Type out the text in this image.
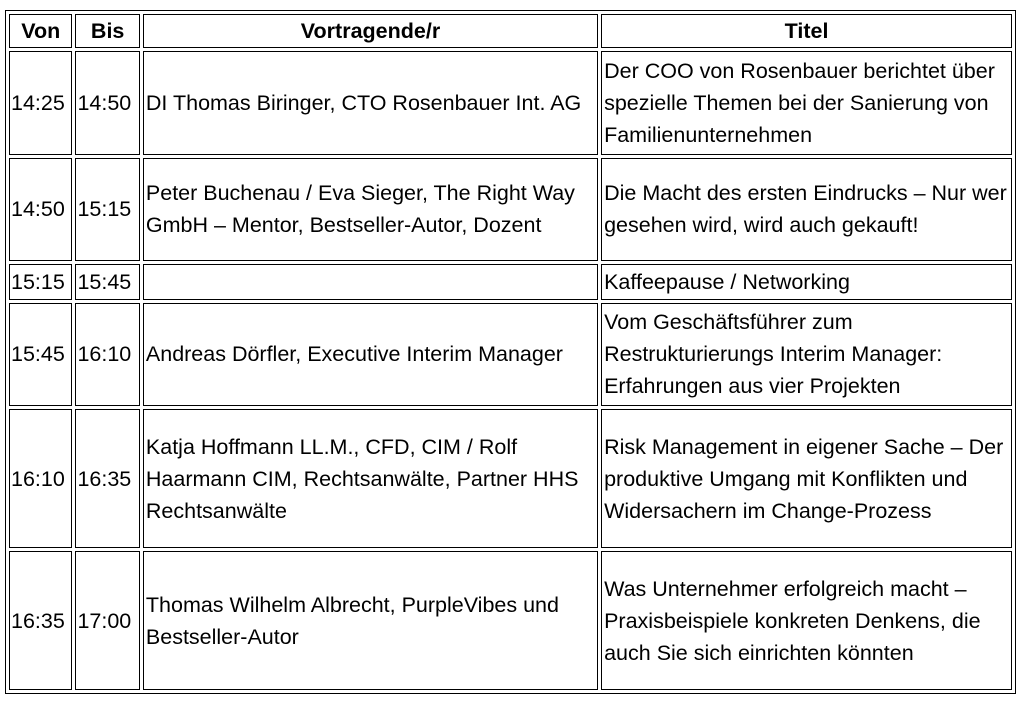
Von	Bis	Vortragende/r	Titel
14:25	14:50	DI Thomas Biringer, CTO Rosenbauer Int. AG	Der COO von Rosenbauer berichtet über spezielle Themen bei der Sanierung von Familienunternehmen
14:50	15:15	Peter Buchenau / Eva Sieger, The Right Way GmbH – Mentor, Bestseller-Autor, Dozent	Die Macht des ersten Eindrucks – Nur wer gesehen wird, wird auch gekauft!
15:15	15:45		Kaffeepause / Networking
15:45	16:10	Andreas Dörfler, Executive Interim Manager	Vom Geschäftsführer zum Restrukturierungs Interim Manager: Erfahrungen aus vier Projekten
16:10	16:35	Katja Hoffmann LL.M., CFD, CIM / Rolf Haarmann CIM, Rechtsanwälte, Partner HHS Rechtsanwälte	Risk Management in eigener Sache – Der produktive Umgang mit Konflikten und Widersachern im Change-Prozess
16:35	17:00	Thomas Wilhelm Albrecht, PurpleVibes und Bestseller-Autor	Was Unternehmer erfolgreich macht – Praxisbeispiele konkreten Denkens, die auch Sie sich einrichten könnten
